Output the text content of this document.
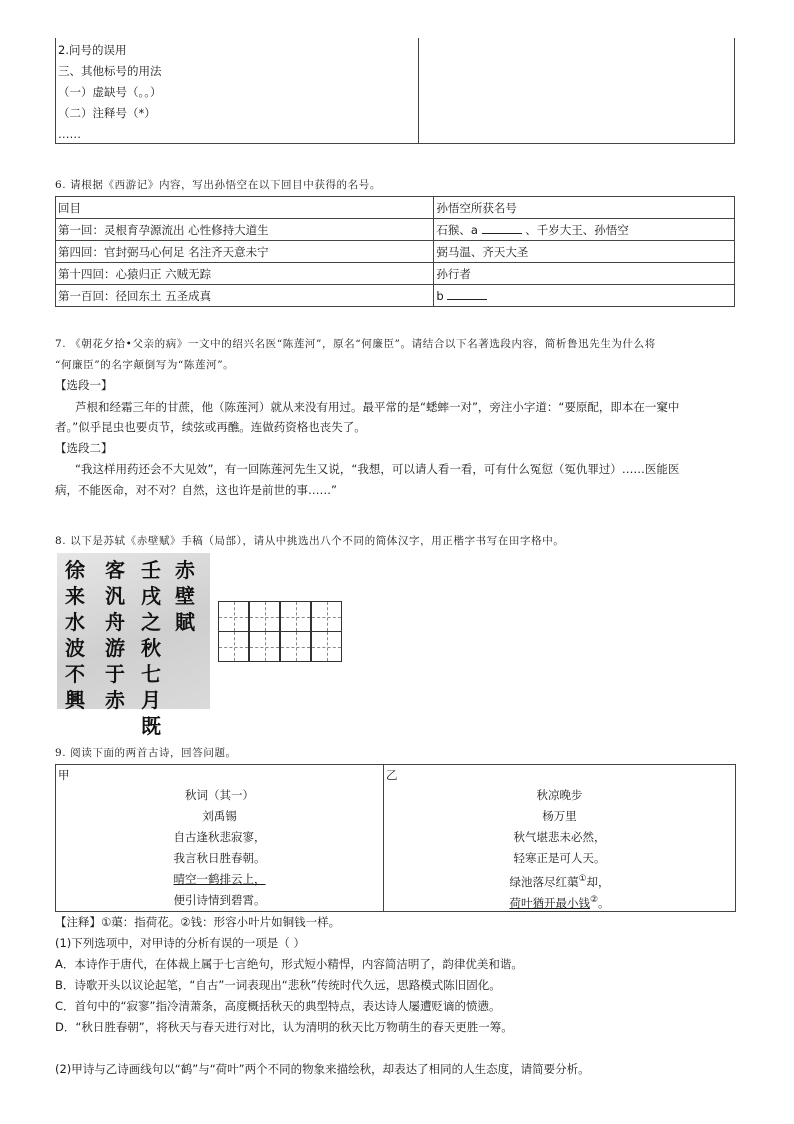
2.问号的误用
三、其他标号的用法
（一）虚缺号（。。）
（二）注释号（*）
……
6. 请根据《西游记》内容，写出孙悟空在以下回目中获得的名号。
回目	孙悟空所获名号
第一回：灵根育孕源流出 心性修持大道生	石猴、a 、千岁大王、孙悟空
第四回：官封弼马心何足 名注齐天意未宁	弼马温、齐天大圣
第十四回：心猿归正 六贼无踪	孙行者
第一百回：径回东土 五圣成真	b
7. 《朝花夕拾•父亲的病》一文中的绍兴名医“陈莲河”，原名“何廉臣”。请结合以下名著选段内容，简析鲁迅先生为什么将
“何廉臣”的名字颠倒写为“陈莲河”。
【选段一】
芦根和经霜三年的甘蔗，他（陈莲河）就从来没有用过。最平常的是“蟋蟀一对”，旁注小字道：“要原配，即本在一窠中
者。”似乎昆虫也要贞节，续弦或再醮。连做药资格也丧失了。
【选段二】
“我这样用药还会不大见效”，有一回陈莲河先生又说，“我想，可以请人看一看，可有什么冤愆（冤仇罪过）……医能医
病，不能医命，对不对？自然，这也许是前世的事……”
8. 以下是苏轼《赤壁赋》手稿（局部），请从中挑选出八个不同的简体汉字，用正楷字书写在田字格中。
赤壁賦
壬戌之秋七月既
客汎舟游于赤
徐来水波不興
9. 阅读下面的两首古诗，回答问题。
甲
秋词（其一）
刘禹锡
自古逢秋悲寂寥，
我言秋日胜春朝。
晴空一鹤排云上，
便引诗情到碧霄。
乙
秋凉晚步
杨万里
秋气堪悲未必然，
轻寒正是可人天。
绿池落尽红蕖①却，
荷叶猶开最小钱②。
【注释】①蕖：指荷花。②钱：形容小叶片如铜钱一样。
(1)下列选项中，对甲诗的分析有误的一项是（ ）
A．本诗作于唐代，在体裁上属于七言绝句，形式短小精悍，内容简洁明了，韵律优美和谐。
B．诗歌开头以议论起笔，“自古”一词表现出“悲秋”传统时代久远，思路模式陈旧固化。
C．首句中的“寂寥”指冷清萧条，高度概括秋天的典型特点，表达诗人屡遭贬谪的愤懑。
D．“秋日胜春朝”，将秋天与春天进行对比，认为清明的秋天比万物萌生的春天更胜一筹。
(2)甲诗与乙诗画线句以“鹤”与“荷叶”两个不同的物象来描绘秋，却表达了相同的人生态度，请简要分析。
